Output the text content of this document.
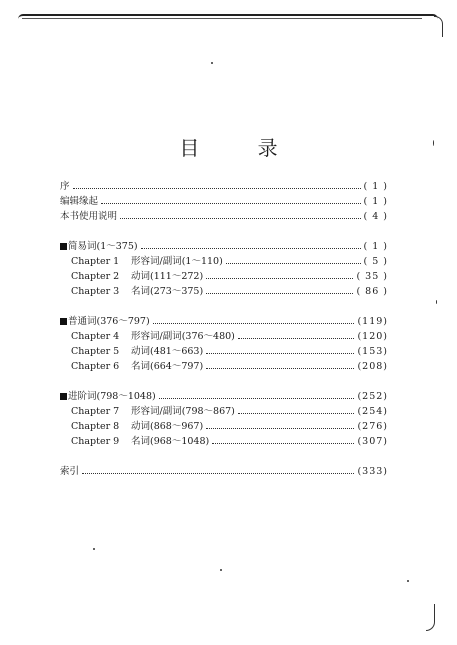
目 录
序	( 1 )
编辑缘起	( 1 )
本书使用说明	( 4 )
简易词(1～375)	( 1 )
Chapter 1 形容词/副词(1～110)	( 5 )
Chapter 2 动词(111～272)	( 35 )
Chapter 3 名词(273～375)	( 86 )
普通词(376～797)	(119)
Chapter 4 形容词/副词(376～480)	(120)
Chapter 5 动词(481～663)	(153)
Chapter 6 名词(664～797)	(208)
进阶词(798～1048)	(252)
Chapter 7 形容词/副词(798～867)	(254)
Chapter 8 动词(868～967)	(276)
Chapter 9 名词(968～1048)	(307)
索引	(333)
